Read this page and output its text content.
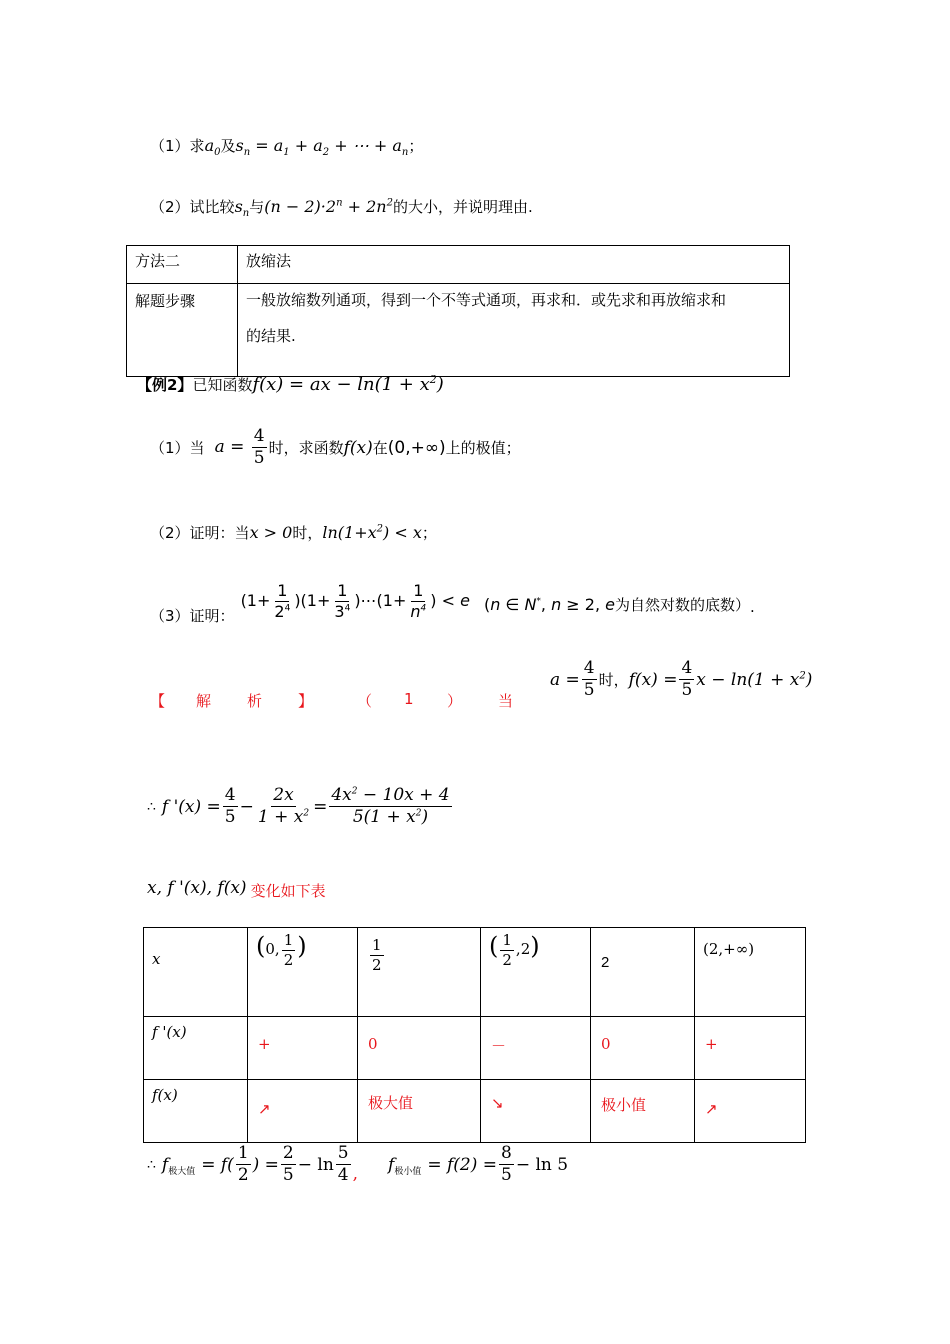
（1）求$a_0$及$s_n = a_1 + a_2$ + ⋯ + $a_n$；
（2）试比较$s_n$与$(n - 2)\cdot 2^n + 2n^2$的大小，并说明理由.
方法二	放缩法
解题步骤	一般放缩数列通项，得到一个不等式通项，再求和．或先求和再放缩求和
的结果.
【例2】已知函数f(x) = ax − $\ln(1 + x^2)$
（1） 当 $a = \frac{4}{5}$ 时，求函数 f(x) 在 (0,+∞) 上的极值；
（2）证明：当x > 0时，$\ln(1+x^2) < x$；
（3） 证明：
$(1+ \frac{1}{2^4} )(1+ \frac{1}{3^4}$ )⋯(1+ $\frac{1}{n^4}$ ) < e (n ∈ N*, n ≥ 2, e为自然对数的底数） .
【 解 析 】	（ 1 ） 当
$a = \frac{4}{5}$ 时， $f(x) = \frac{4}{5}$ $x - \ln(1 + x^2)$
∴ f '$(x) = \frac{4}{5} - \frac{2x}{1 + x^2} = \frac{4x^2 - 10x + 4}{5(1 + x^2)}$
x, f '(x), f(x) 变化如下表
x	(0, $\frac{1}{2}$ )	$\frac{1}{2}$	( $\frac{1}{2} ,2$)	2	(2,+∞)
f '(x)	+	0	－	0	+
f(x)	↗	极大值	↘	极小值	↗
∴ $f_{极大值} = f( \frac{1}{2}$ ) = $\frac{2}{5} - \ln \frac{5}{4}$ , $f_{极小值} = f(2) = \frac{8}{5} - \ln 5$
